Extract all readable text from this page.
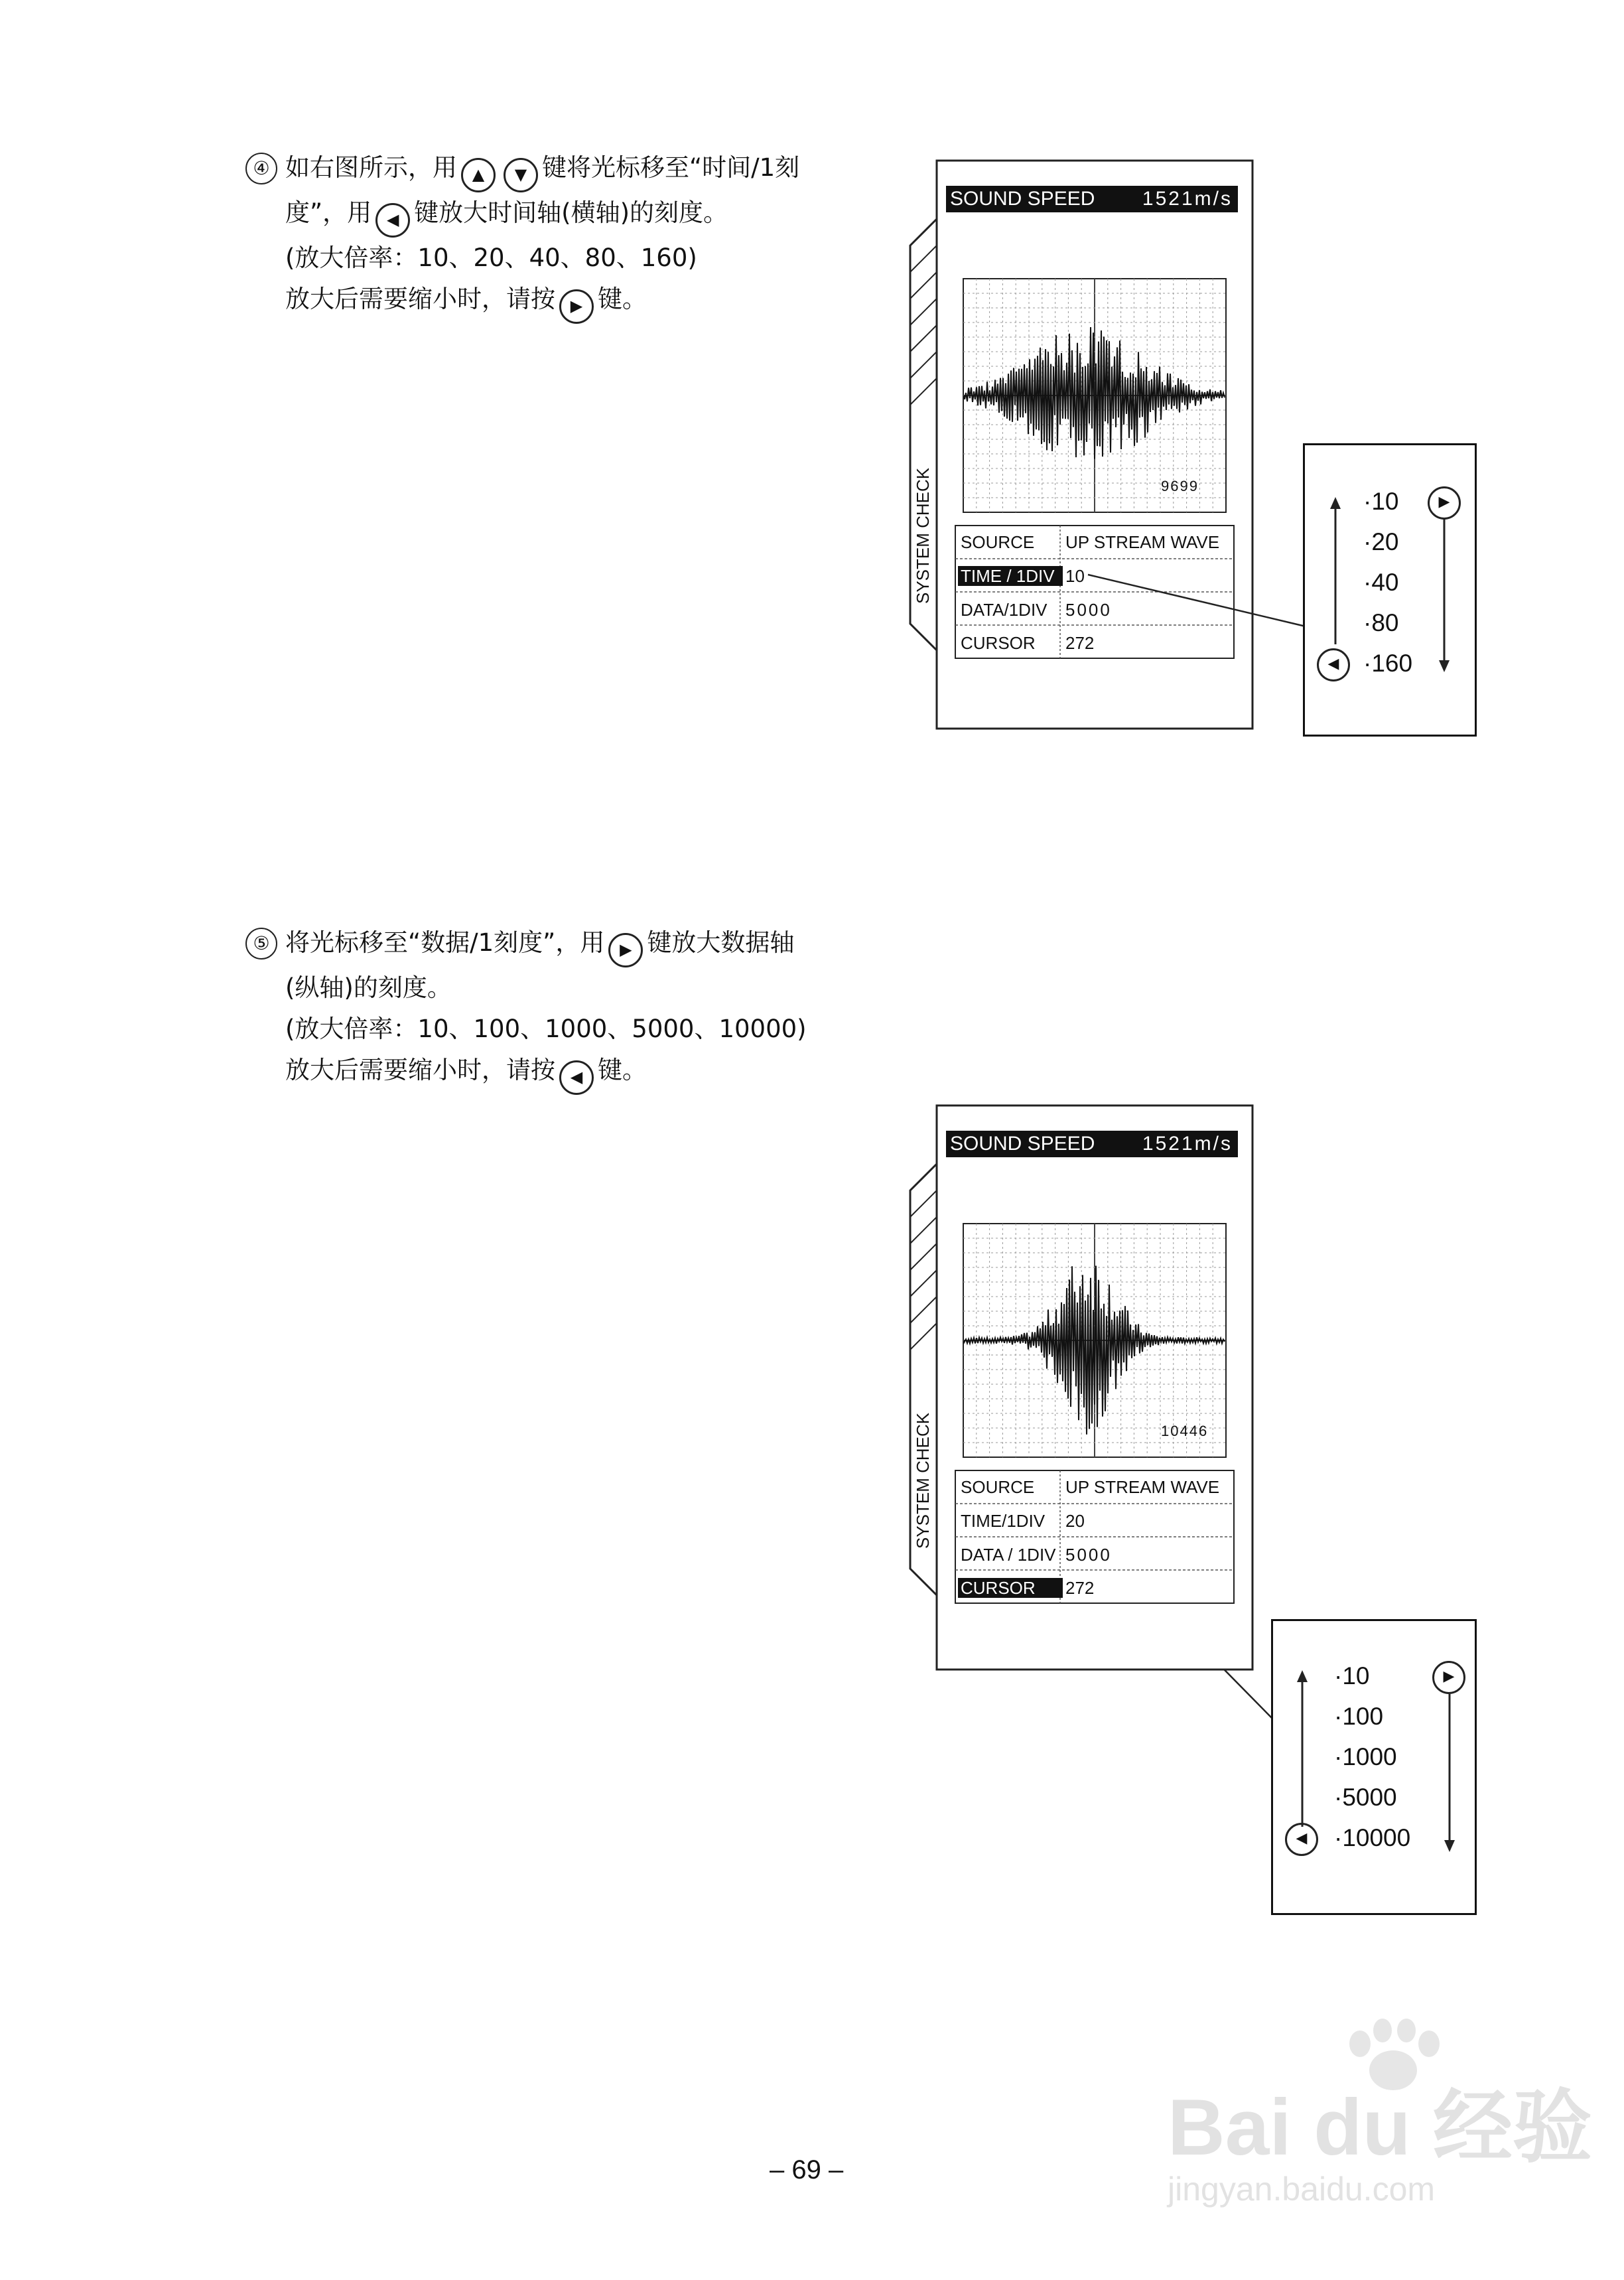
④ 如右图所示，用 ▲ ▼ 键将光标移至“时间/1刻
度”，用 ◀ 键放大时间轴(横轴)的刻度。
(放大倍率：10、20、40、80、160)
放大后需要缩小时，请按 ▶ 键。
⑤ 将光标移至“数据/1刻度”，用 ▶ 键放大数据轴
(纵轴)的刻度。
(放大倍率：10、100、1000、5000、10000)
放大后需要缩小时，请按 ◀ 键。
SOUND SPEED 1521m/s
SYSTEM CHECK	9699
SOURCE UP STREAM WAVE
TIME / 1DIV 10
DATA/1DIV 5000
CURSOR 272
·10
·20
·40
·80
·160
▶
◀
SOUND SPEED 1521m/s
SYSTEM CHECK	10446
SOURCE UP STREAM WAVE
TIME/1DIV 20
DATA / 1DIV 5000
CURSOR	272
·10
·100
·1000
·5000
·10000
▶
◀
– 69 –	Bai du 经验
jingyan.baidu.com
